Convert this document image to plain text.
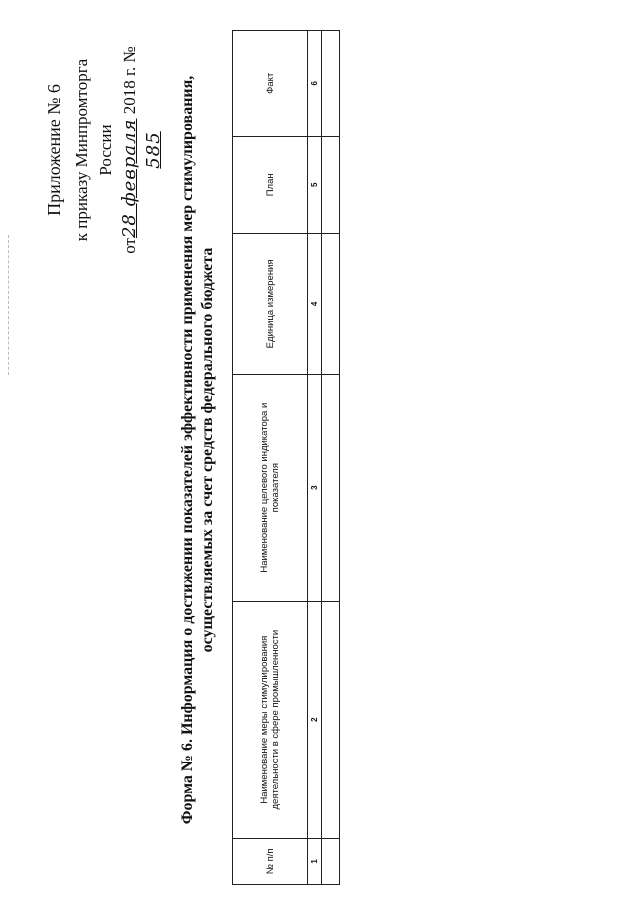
Приложение № 6 к приказу Минпромторга России
от28 февраля 2018 г. № 585 Форма № 6. Информация о достижении показателей эффективности применения мер стимулирования, осуществляемых за счет средств федерального бюджета
№ п/п	Наименование меры стимулирования деятельности в сфере промышленности	Наименование целевого индикатора и показателя	Единица измерения	План	Факт
1	2	3	4	5	6
